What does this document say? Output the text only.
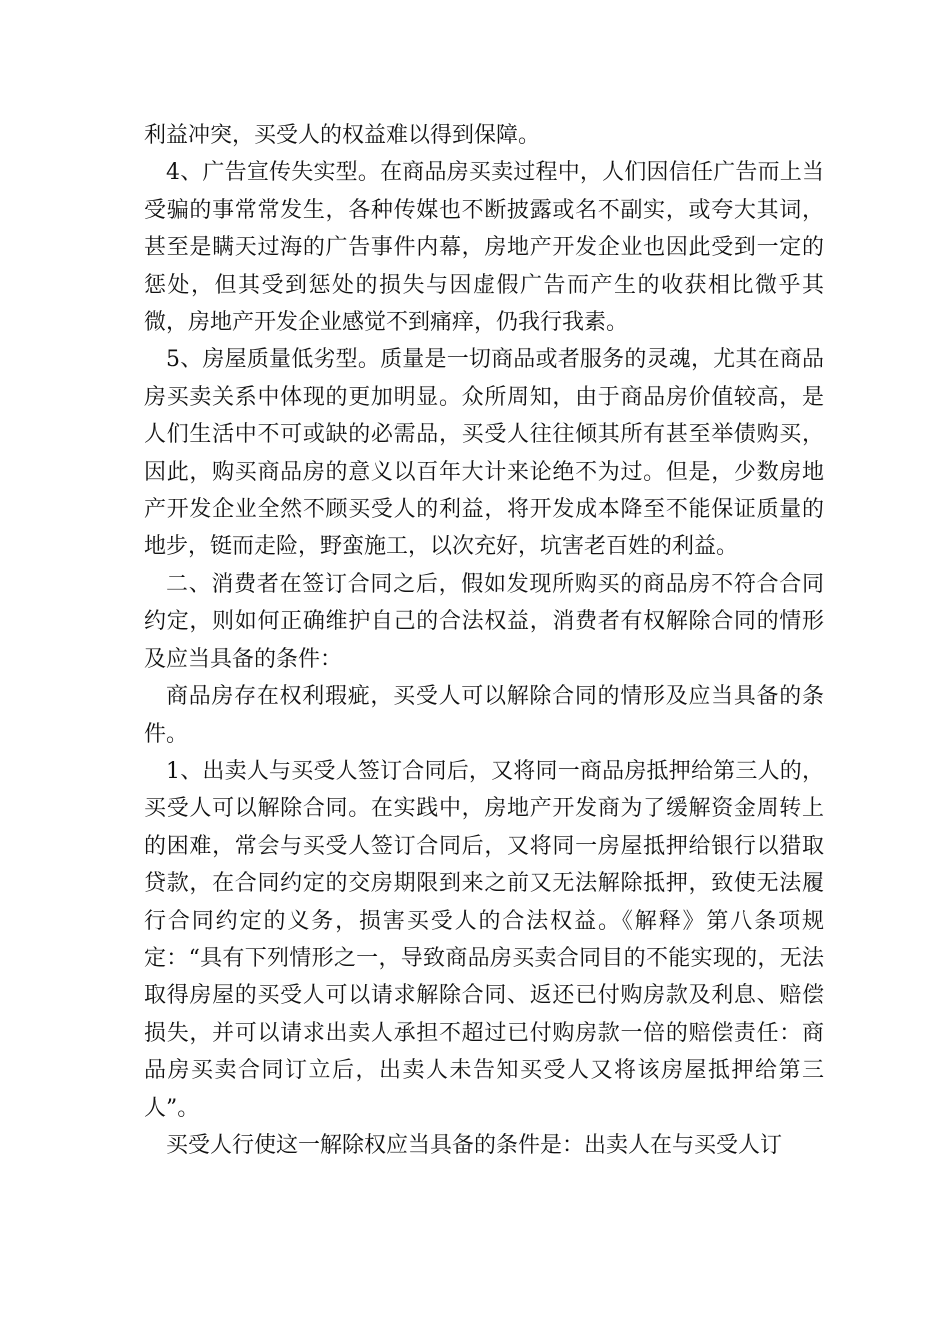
利益冲突，买受人的权益难以得到保障。

4、广告宣传失实型。在商品房买卖过程中，人们因信任广告而上当受骗的事常常发生，各种传媒也不断披露或名不副实，或夸大其词，甚至是瞒天过海的广告事件内幕，房地产开发企业也因此受到一定的惩处，但其受到惩处的损失与因虚假广告而产生的收获相比微乎其微，房地产开发企业感觉不到痛痒，仍我行我素。

5、房屋质量低劣型。质量是一切商品或者服务的灵魂，尤其在商品房买卖关系中体现的更加明显。众所周知，由于商品房价值较高，是人们生活中不可或缺的必需品，买受人往往倾其所有甚至举债购买，因此，购买商品房的意义以百年大计来论绝不为过。但是，少数房地产开发企业全然不顾买受人的利益，将开发成本降至不能保证质量的地步，铤而走险，野蛮施工，以次充好，坑害老百姓的利益。

二、消费者在签订合同之后，假如发现所购买的商品房不符合合同约定，则如何正确维护自己的合法权益，消费者有权解除合同的情形及应当具备的条件：

商品房存在权利瑕疵，买受人可以解除合同的情形及应当具备的条件。

1、出卖人与买受人签订合同后，又将同一商品房抵押给第三人的，买受人可以解除合同。在实践中，房地产开发商为了缓解资金周转上的困难，常会与买受人签订合同后，又将同一房屋抵押给银行以猎取贷款，在合同约定的交房期限到来之前又无法解除抵押，致使无法履行合同约定的义务，损害买受人的合法权益。《解释》第八条项规定：“具有下列情形之一，导致商品房买卖合同目的不能实现的，无法取得房屋的买受人可以请求解除合同、返还已付购房款及利息、赔偿损失，并可以请求出卖人承担不超过已付购房款一倍的赔偿责任：商品房买卖合同订立后，出卖人未告知买受人又将该房屋抵押给第三人”。

买受人行使这一解除权应当具备的条件是：出卖人在与买受人订
